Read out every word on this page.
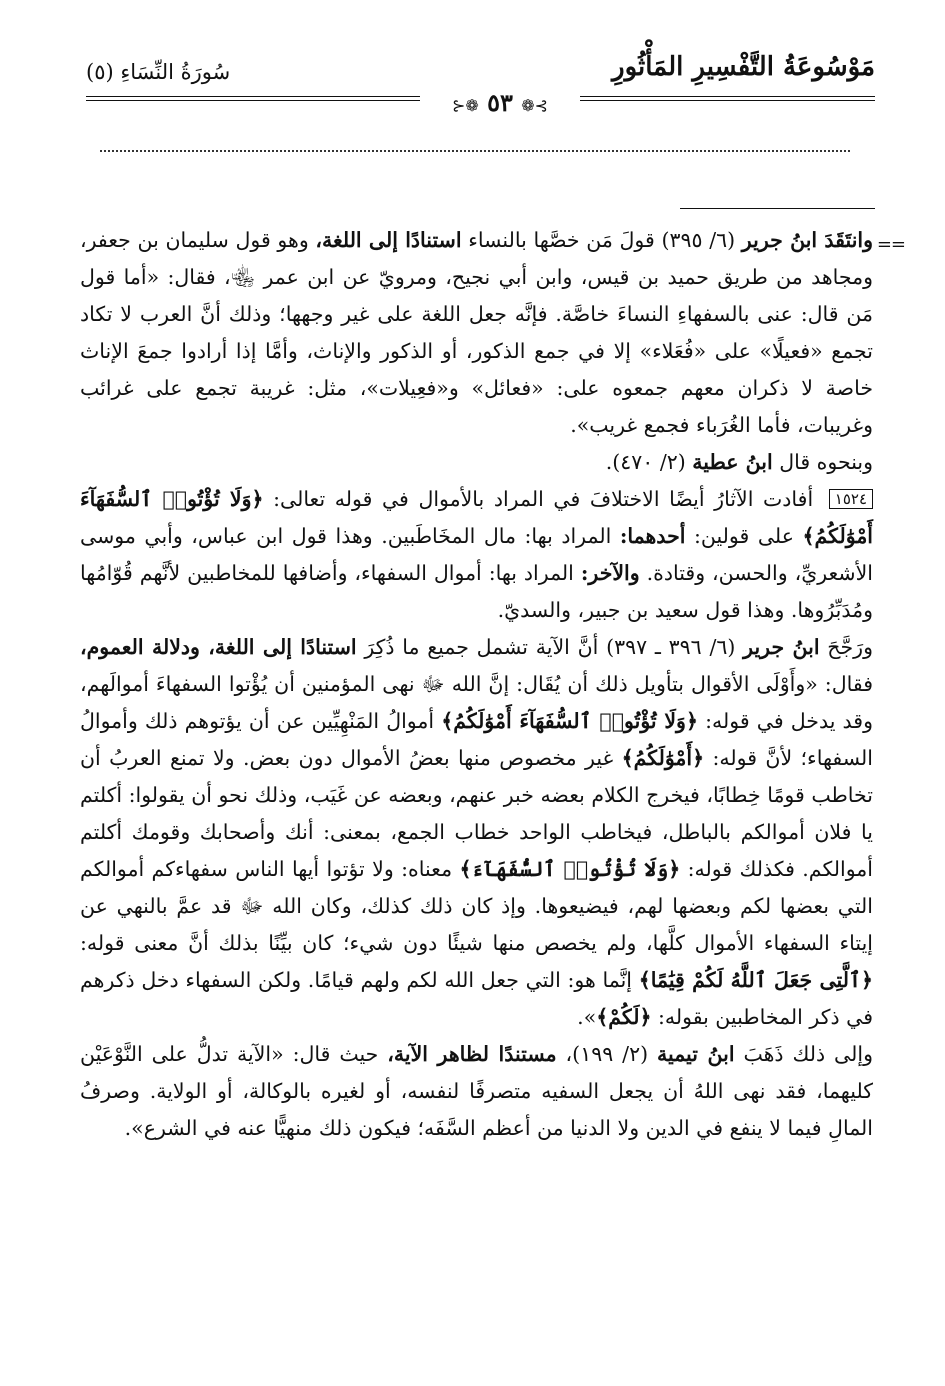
سُورَةُ النِّسَاءِ (٥)	مَوْسُوعَةُ التَّفْسِيرِ المَأْثُورِ
⊱❁ ٥٣ ❁⊰
==

وانتَقَدَ ابنُ جرير (٦/ ٣٩٥) قولَ مَن خصَّها بالنساء استنادًا إلى اللغة، وهو قول سليمان بن جعفر، ومجاهد من طريق حميد بن قيس، وابن أبي نجيح، ومرويّ عن ابن عمر ﵄، فقال: «أما قول مَن قال: عنى بالسفهاءِ النساءَ خاصَّة. فإنَّه جعل اللغة على غير وجهها؛ وذلك أنَّ العرب لا تكاد تجمع «فعيلًا» على «فُعَلاء» إلا في جمع الذكور، أو الذكور والإناث، وأمَّا إذا أرادوا جمعَ الإناث خاصة لا ذكران معهم جمعوه على: «فعائل» و«فعِيلات»، مثل: غريبة تجمع على غرائب وغريبات، فأما الغُرَباء فجمع غريب».

وبنحوه قال ابنُ عطية (٢/ ٤٧٠).

١٥٢٤ أفادت الآثارُ أيضًا الاختلافَ في المراد بالأموال في قوله تعالى: ﴿وَلَا تُؤْتُوا۟ ٱلسُّفَهَآءَ أَمْوَٰلَكُمُ﴾ على قولين: أحدهما: المراد بها: مال المخَاطَبين. وهذا قول ابن عباس، وأبي موسى الأشعريِّ، والحسن، وقتادة. والآخر: المراد بها: أموال السفهاء، وأضافها للمخاطبين لأنَّهم قُوّامُها ومُدَبِّرُوها. وهذا قول سعيد بن جبير، والسديّ.

ورَجَّحَ ابنُ جرير (٦/ ٣٩٦ ـ ٣٩٧) أنَّ الآية تشمل جميع ما ذُكِرَ استنادًا إلى اللغة، ودلالة العموم، فقال: «وأَوْلَى الأقوال بتأويل ذلك أن يُقَال: إنَّ الله ﷻ نهى المؤمنين أن يُؤْتوا السفهاءَ أموالَهم، وقد يدخل في قوله: ﴿وَلَا تُؤْتُوا۟ ٱلسُّفَهَآءَ أَمْوَٰلَكُمُ﴾ أموالُ المَنْهِيِّين عن أن يؤتوهم ذلك وأموالُ السفهاء؛ لأنَّ قوله: ﴿أَمْوَٰلَكُمُ﴾ غير مخصوص منها بعضُ الأموال دون بعض. ولا تمنع العربُ أن تخاطب قومًا خِطابًا، فيخرج الكلام بعضه خبر عنهم، وبعضه عن غَيَب، وذلك نحو أن يقولوا: أكلتم يا فلان أموالكم بالباطل، فيخاطب الواحد خطاب الجمع، بمعنى: أنك وأصحابك وقومك أكلتم أموالكم. فكذلك قوله: ﴿وَلَا تُؤْتُوا۟ ٱلسُّفَهَآءَ﴾ معناه: ولا تؤتوا أيها الناس سفهاءكم أموالكم التي بعضها لكم وبعضها لهم، فيضيعوها. وإذ كان ذلك كذلك، وكان الله ﷻ قد عمَّ بالنهي عن إيتاء السفهاء الأموال كلَّها، ولم يخصص منها شيئًا دون شيء؛ كان بيِّنًا بذلك أنَّ معنى قوله: ﴿ٱلَّتِى جَعَلَ ٱللَّهُ لَكُمْ قِيَٰمًا﴾ إنَّما هو: التي جعل الله لكم ولهم قيامًا. ولكن السفهاء دخل ذكرهم في ذكر المخاطبين بقوله: ﴿لَكُمْ﴾».

وإلى ذلك ذَهَبَ ابنُ تيمية (٢/ ١٩٩)، مستندًا لظاهر الآية، حيث قال: «الآية تدلُّ على النَّوْعَيْن كليهما، فقد نهى اللهُ أن يجعل السفيه متصرفًا لنفسه، أو لغيره بالوكالة، أو الولاية. وصرفُ المالِ فيما لا ينفع في الدين ولا الدنيا من أعظم السَّفَه؛ فيكون ذلك منهيًّا عنه في الشرع».
